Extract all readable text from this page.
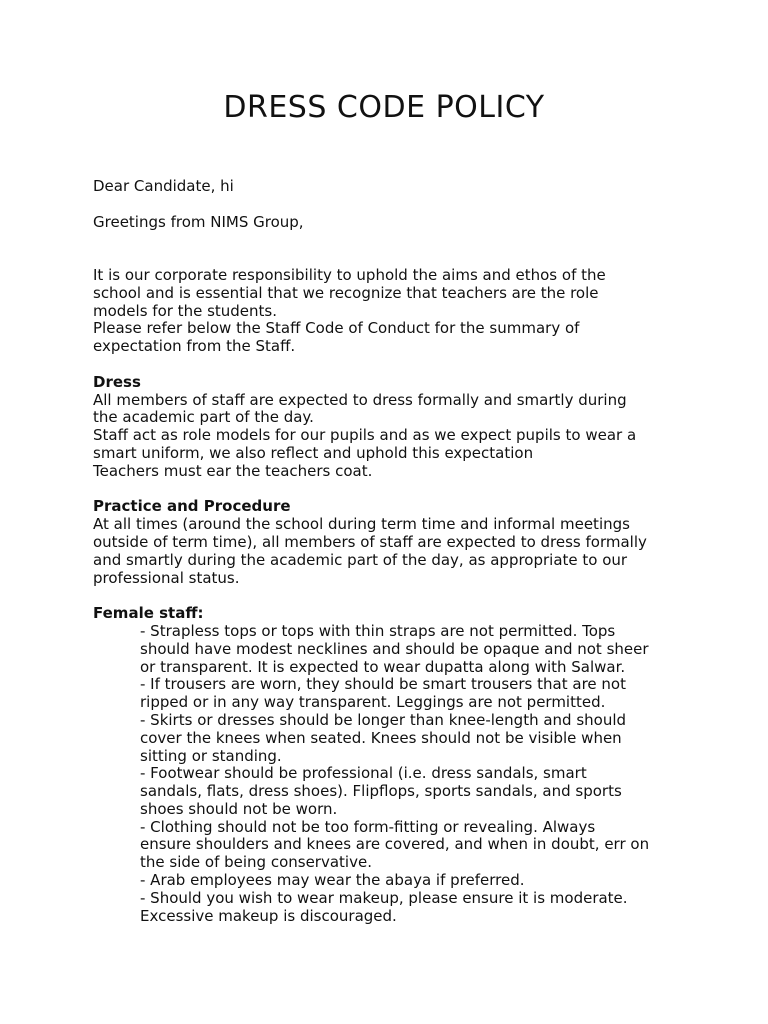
DRESS CODE POLICY

Dear Candidate, hi

Greetings from NIMS Group,

It is our corporate responsibility to uphold the aims and ethos of the
school and is essential that we recognize that teachers are the role
models for the students.
Please refer below the Staff Code of Conduct for the summary of
expectation from the Staff.
Dress
All members of staff are expected to dress formally and smartly during
the academic part of the day.
Staff act as role models for our pupils and as we expect pupils to wear a
smart uniform, we also reflect and uphold this expectation
Teachers must ear the teachers coat.
Practice and Procedure
At all times (around the school during term time and informal meetings
outside of term time), all members of staff are expected to dress formally
and smartly during the academic part of the day, as appropriate to our
professional status.
Female staff:
- Strapless tops or tops with thin straps are not permitted. Tops
should have modest necklines and should be opaque and not sheer
or transparent. It is expected to wear dupatta along with Salwar.
- If trousers are worn, they should be smart trousers that are not
ripped or in any way transparent. Leggings are not permitted.
- Skirts or dresses should be longer than knee-length and should
cover the knees when seated. Knees should not be visible when
sitting or standing.
- Footwear should be professional (i.e. dress sandals, smart
sandals, flats, dress shoes). Flipflops, sports sandals, and sports
shoes should not be worn.
- Clothing should not be too form-fitting or revealing. Always
ensure shoulders and knees are covered, and when in doubt, err on
the side of being conservative.
- Arab employees may wear the abaya if preferred.
- Should you wish to wear makeup, please ensure it is moderate.
Excessive makeup is discouraged.
